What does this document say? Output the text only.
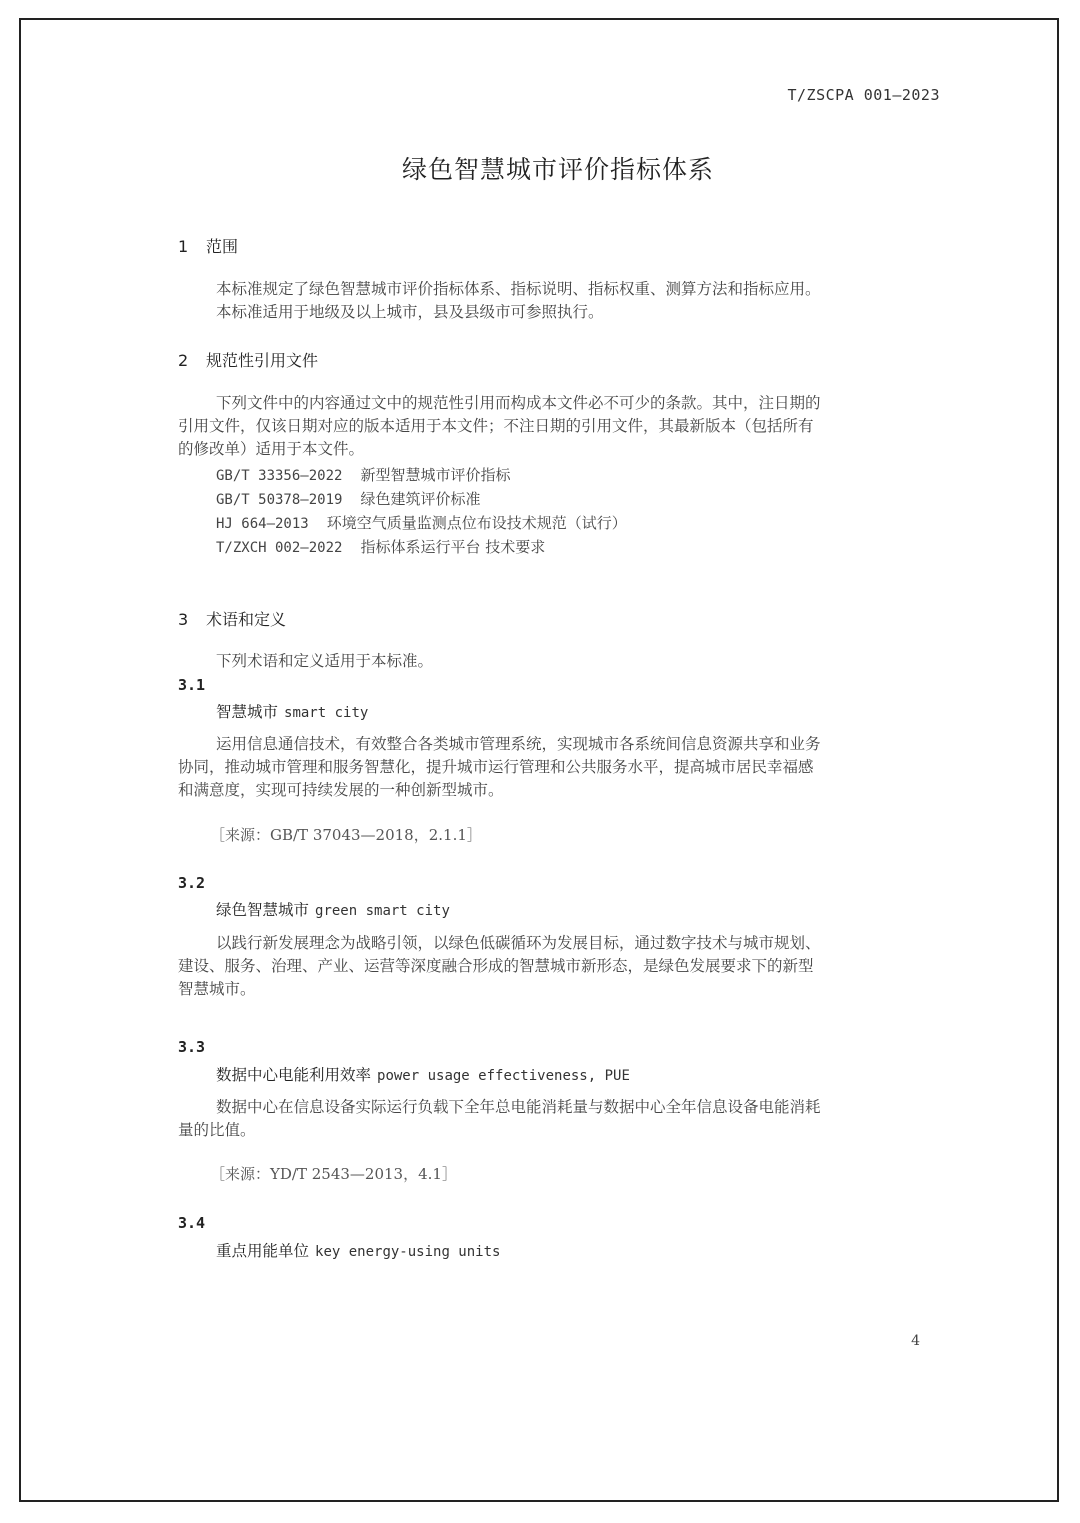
T/ZSCPA 001—2023
绿色智慧城市评价指标体系
1 范围
本标准规定了绿色智慧城市评价指标体系、指标说明、指标权重、测算方法和指标应用。
本标准适用于地级及以上城市，县及县级市可参照执行。
2 规范性引用文件
下列文件中的内容通过文中的规范性引用而构成本文件必不可少的条款。其中，注日期的
引用文件，仅该日期对应的版本适用于本文件；不注日期的引用文件，其最新版本（包括所有
的修改单）适用于本文件。
GB/T 33356—2022 新型智慧城市评价指标
GB/T 50378—2019 绿色建筑评价标准
HJ 664—2013 环境空气质量监测点位布设技术规范（试行）
T/ZXCH 002—2022 指标体系运行平台 技术要求
3 术语和定义
下列术语和定义适用于本标准。
3.1
智慧城市 smart city
运用信息通信技术，有效整合各类城市管理系统，实现城市各系统间信息资源共享和业务
协同，推动城市管理和服务智慧化，提升城市运行管理和公共服务水平，提高城市居民幸福感
和满意度，实现可持续发展的一种创新型城市。
［来源：GB/T 37043—2018，2.1.1］
3.2
绿色智慧城市 green smart city
以践行新发展理念为战略引领，以绿色低碳循环为发展目标，通过数字技术与城市规划、
建设、服务、治理、产业、运营等深度融合形成的智慧城市新形态，是绿色发展要求下的新型
智慧城市。
3.3
数据中心电能利用效率 power usage effectiveness, PUE
数据中心在信息设备实际运行负载下全年总电能消耗量与数据中心全年信息设备电能消耗
量的比值。
［来源：YD/T 2543—2013，4.1］
3.4
重点用能单位 key energy-using units
4
